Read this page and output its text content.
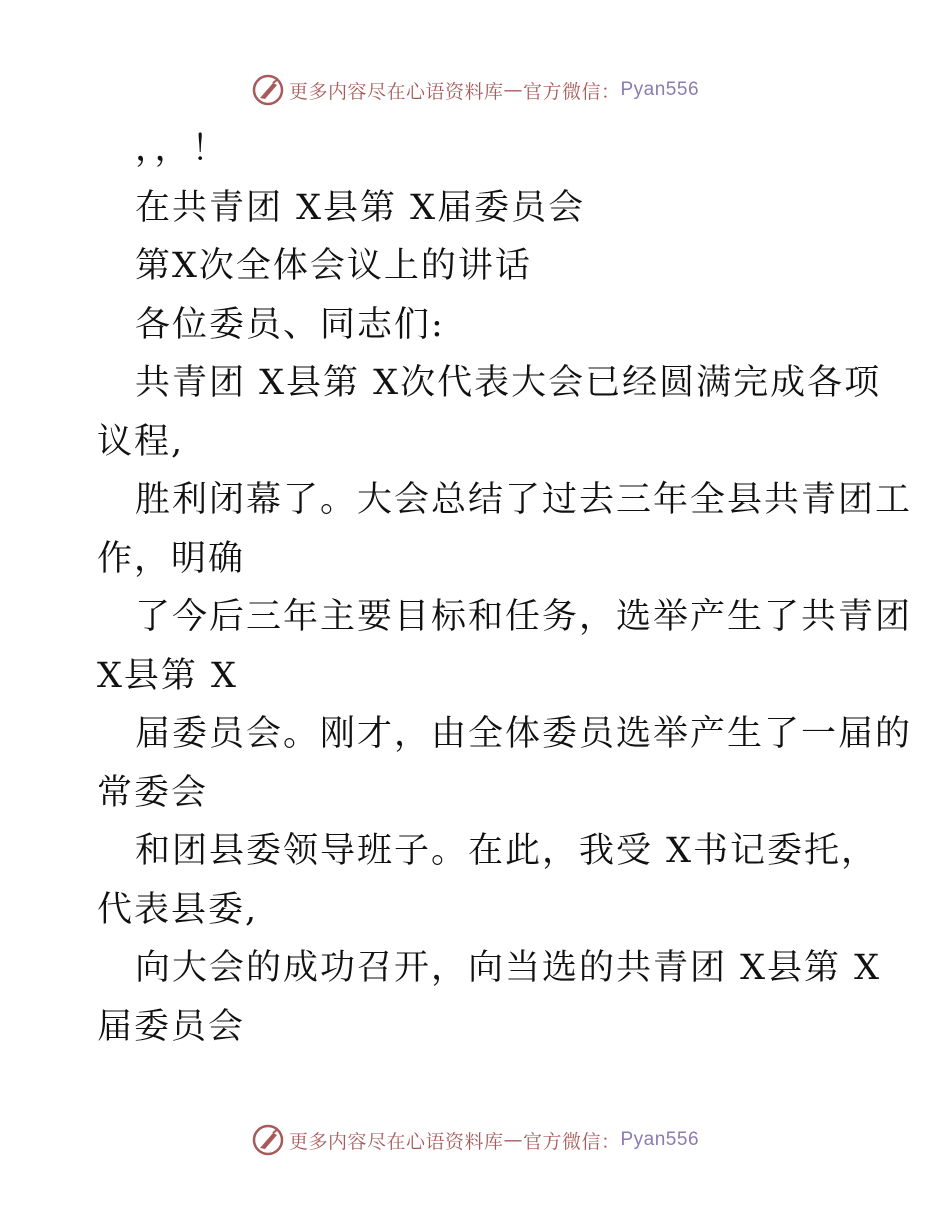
更多内容尽在心语资料库 — 官方微信： Pyan556
，，！
在共青团 X县第 X届委员会
第X次全体会议上的讲话
各位委员、同志们:
共青团 X县第 X次代表大会已经圆满完成各项
议程,
胜利闭幕了。大会总结了过去三年全县共青团工
作，明确
了今后三年主要目标和任务，选举产生了共青团
X县第 X
届委员会。刚才，由全体委员选举产生了一届的
常委会
和团县委领导班子。在此，我受 X书记委托，
代表县委,
向大会的成功召开，向当选的共青团 X县第 X
届委员会
更多内容尽在心语资料库 — 官方微信： Pyan556
